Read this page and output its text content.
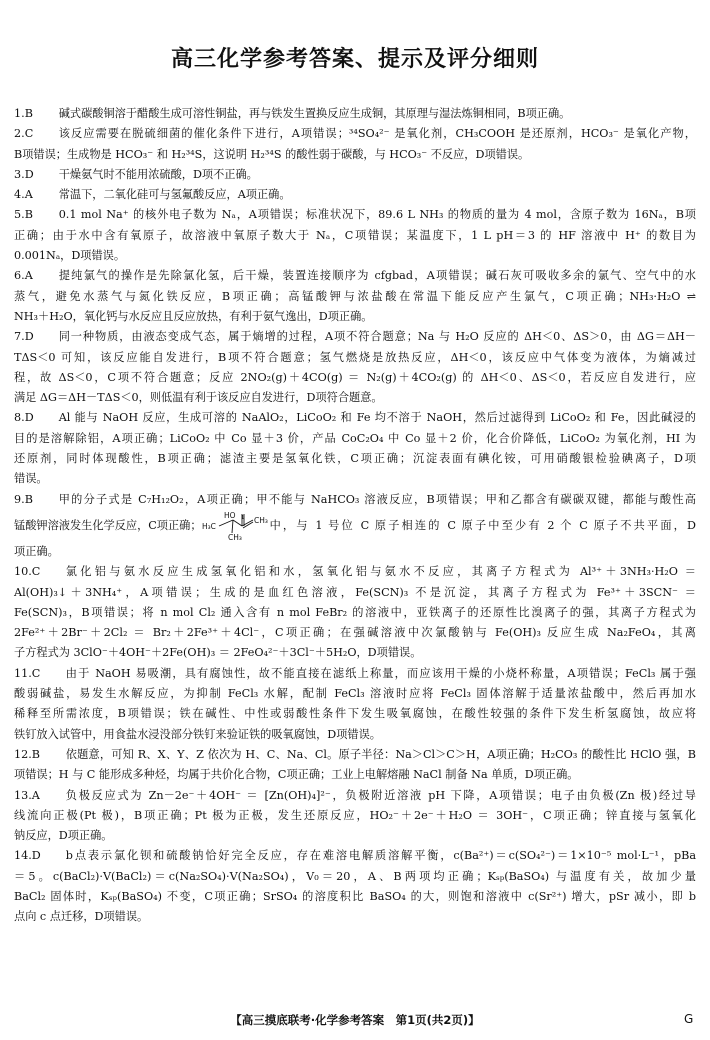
高三化学参考答案、提示及评分细则
1. B	碱式碳酸铜溶于醋酸生成可溶性铜盐，再与铁发生置换反应生成铜，其原理与湿法炼铜相同，B项正确。
2. C	该反应需要在脱硫细菌的催化条件下进行，A项错误；³⁴SO₄²⁻ 是氧化剂，CH₃COOH 是还原剂，HCO₃⁻ 是氧化产物，
B项错误；生成物是 HCO₃⁻ 和 H₂³⁴S，这说明 H₂³⁴S 的酸性弱于碳酸，与 HCO₃⁻ 不反应，D项错误。
3. D	干燥氨气时不能用浓硫酸，D项不正确。
4. A	常温下，二氧化硅可与氢氟酸反应，A项正确。
5. B	0.1 mol Na⁺ 的核外电子数为 Nₐ，A项错误；标准状况下，89.6 L NH₃ 的物质的量为 4 mol，含原子数为 16Nₐ，B项
正确；由于水中含有氧原子，故溶液中氧原子数大于 Nₐ，C项错误；某温度下，1 L pH＝3 的 HF 溶液中 H⁺ 的数目为
0.001Nₐ，D项错误。
6. A	提纯氯气的操作是先除氯化氢，后干燥，装置连接顺序为 cfgbad，A项错误；碱石灰可吸收多余的氯气、空气中的水
蒸气，避免水蒸气与氮化铁反应，B项正确；高锰酸钾与浓盐酸在常温下能反应产生氯气，C项正确；NH₃·H₂O ⇌
NH₃＋H₂O，氧化钙与水反应且反应放热，有利于氨气逸出，D项正确。
7. D	同一种物质，由液态变成气态，属于熵增的过程，A项不符合题意；Na 与 H₂O 反应的 ΔH＜0、ΔS＞0，由 ΔG＝ΔH－
TΔS＜0 可知，该反应能自发进行，B项不符合题意；氢气燃烧是放热反应，ΔH＜0，该反应中气体变为液体，为熵减过
程，故 ΔS＜0，C项不符合题意；反应 2NO₂(g)＋4CO(g) ＝ N₂(g)＋4CO₂(g) 的 ΔH＜0、ΔS＜0，若反应自发进行，应
满足 ΔG＝ΔH－TΔS＜0，则低温有利于该反应自发进行，D项符合题意。
8. D	Al 能与 NaOH 反应，生成可溶的 NaAlO₂，LiCoO₂ 和 Fe 均不溶于 NaOH，然后过滤得到 LiCoO₂ 和 Fe，因此碱浸的
目的是溶解除铝，A项正确；LiCoO₂ 中 Co 显＋3 价，产品 CoC₂O₄ 中 Co 显＋2 价，化合价降低，LiCoO₂ 为氧化剂，HI 为
还原剂，同时体现酸性，B项正确；滤渣主要是氢氧化铁，C项正确；沉淀表面有碘化铵，可用硝酸银检验碘离子，D项
错误。
9. B	甲的分子式是 C₇H₁₂O₂，A项正确；甲不能与 NaHCO₃ 溶液反应，B项错误；甲和乙都含有碳碳双键，都能与酸性高
锰酸钾溶液发生化学反应，C项正确； H₃C
HO
CH₃
CH₃
1
中，与 1 号位 C 原子相连的 C 原子中至少有 2 个 C 原子不共平面，D
项正确。
10. C	氯化铝与氨水反应生成氢氧化铝和水，氢氧化铝与氨水不反应，其离子方程式为 Al³⁺＋3NH₃·H₂O ＝
Al(OH)₃↓＋3NH₄⁺，A项错误；生成的是血红色溶液，Fe(SCN)₃ 不是沉淀，其离子方程式为 Fe³⁺＋3SCN⁻ ＝
Fe(SCN)₃，B项错误；将 n mol Cl₂ 通入含有 n mol FeBr₂ 的溶液中，亚铁离子的还原性比溴离子的强，其离子方程式为
2Fe²⁺＋2Br⁻＋2Cl₂ ＝ Br₂＋2Fe³⁺＋4Cl⁻，C项正确；在强碱溶液中次氯酸钠与 Fe(OH)₃ 反应生成 Na₂FeO₄，其离
子方程式为 3ClO⁻＋4OH⁻＋2Fe(OH)₃ ＝ 2FeO₄²⁻＋3Cl⁻＋5H₂O，D项错误。
11. C	由于 NaOH 易吸潮，具有腐蚀性，故不能直接在滤纸上称量，而应该用干燥的小烧杯称量，A项错误；FeCl₃ 属于强
酸弱碱盐，易发生水解反应，为抑制 FeCl₃ 水解，配制 FeCl₃ 溶液时应将 FeCl₃ 固体溶解于适量浓盐酸中，然后再加水
稀释至所需浓度，B项错误；铁在碱性、中性或弱酸性条件下发生吸氧腐蚀，在酸性较强的条件下发生析氢腐蚀，故应将
铁钉放入试管中，用食盐水浸没部分铁钉来验证铁的吸氧腐蚀，D项错误。
12. B	依题意，可知 R、X、Y、Z 依次为 H、C、Na、Cl。原子半径：Na＞Cl＞C＞H，A项正确；H₂CO₃ 的酸性比 HClO 强，B
项错误；H 与 C 能形成多种烃，均属于共价化合物，C项正确；工业上电解熔融 NaCl 制备 Na 单质，D项正确。
13. A	负极反应式为 Zn－2e⁻＋4OH⁻ ＝ [Zn(OH)₄]²⁻，负极附近溶液 pH 下降，A项错误；电子由负极(Zn 极)经过导
线流向正极(Pt 极)，B项正确；Pt 极为正极，发生还原反应，HO₂⁻＋2e⁻＋H₂O ＝ 3OH⁻，C项正确；锌直接与氢氧化
钠反应，D项正确。
14. D	b点表示氯化钡和硫酸钠恰好完全反应，存在难溶电解质溶解平衡，c(Ba²⁺)＝c(SO₄²⁻)＝1×10⁻⁵ mol·L⁻¹，pBa
＝5。c(BaCl₂)·V(BaCl₂)＝c(Na₂SO₄)·V(Na₂SO₄)，V₀＝20，A、B两项均正确；Kₛₚ(BaSO₄) 与温度有关，故加少量
BaCl₂ 固体时，Kₛₚ(BaSO₄) 不变，C项正确；SrSO₄ 的溶度积比 BaSO₄ 的大，则饱和溶液中 c(Sr²⁺) 增大，pSr 减小，即 b
点向 c 点迁移，D项错误。
【高三摸底联考·化学参考答案　第1页(共2页)】	G
